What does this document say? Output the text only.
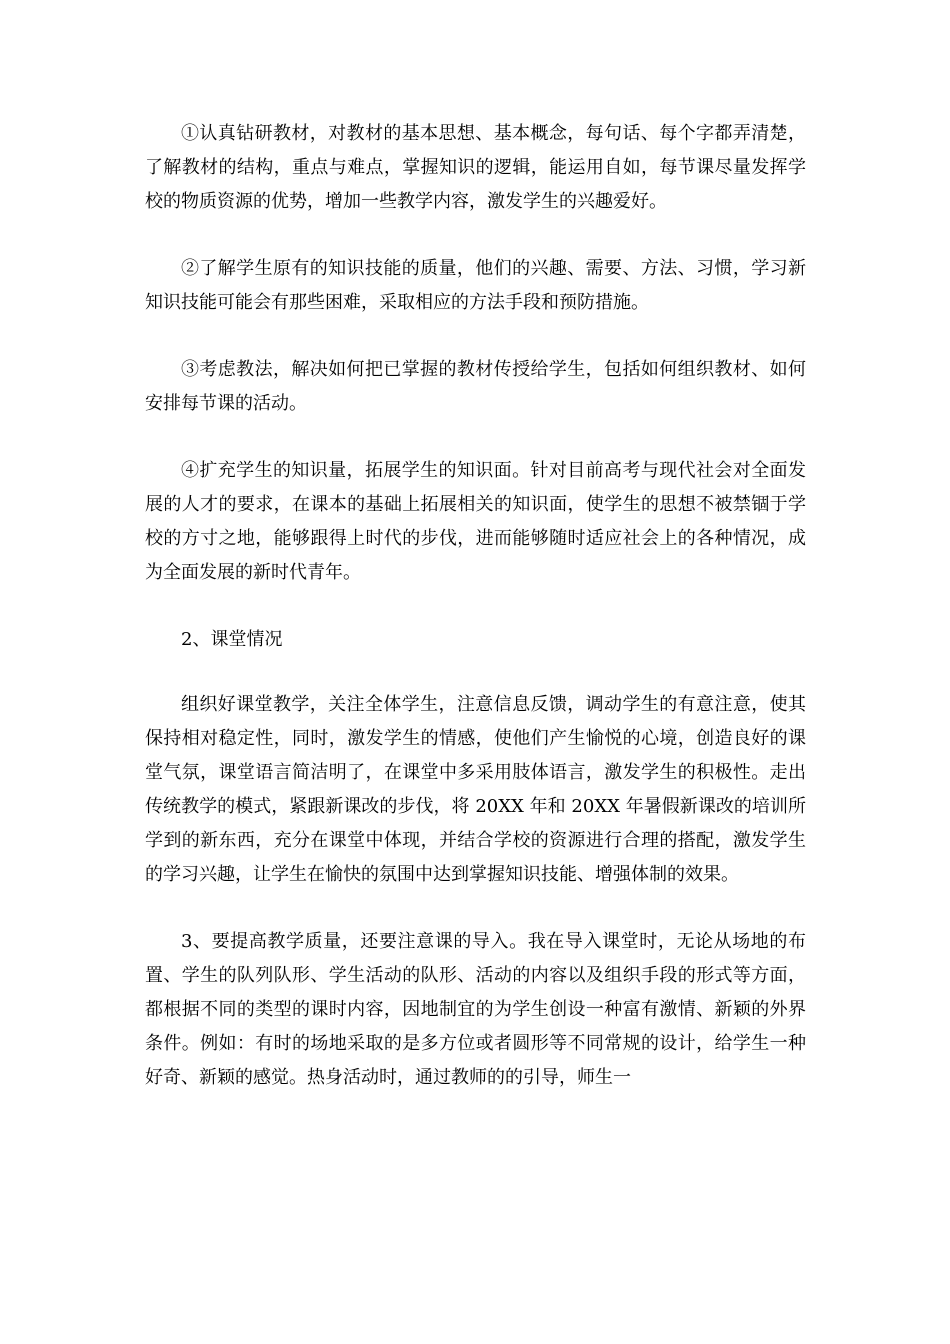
①认真钻研教材，对教材的基本思想、基本概念，每句话、每个字都弄清楚，了解教材的结构，重点与难点，掌握知识的逻辑，能运用自如，每节课尽量发挥学校的物质资源的优势，增加一些教学内容，激发学生的兴趣爱好。

②了解学生原有的知识技能的质量，他们的兴趣、需要、方法、习惯，学习新知识技能可能会有那些困难，采取相应的方法手段和预防措施。

③考虑教法，解决如何把已掌握的教材传授给学生，包括如何组织教材、如何安排每节课的活动。

④扩充学生的知识量，拓展学生的知识面。针对目前高考与现代社会对全面发展的人才的要求，在课本的基础上拓展相关的知识面，使学生的思想不被禁锢于学校的方寸之地，能够跟得上时代的步伐，进而能够随时适应社会上的各种情况，成为全面发展的新时代青年。

2、课堂情况

组织好课堂教学，关注全体学生，注意信息反馈，调动学生的有意注意，使其保持相对稳定性，同时，激发学生的情感，使他们产生愉悦的心境，创造良好的课堂气氛，课堂语言简洁明了，在课堂中多采用肢体语言，激发学生的积极性。走出传统教学的模式，紧跟新课改的步伐，将 20XX 年和 20XX 年暑假新课改的培训所学到的新东西，充分在课堂中体现，并结合学校的资源进行合理的搭配，激发学生的学习兴趣，让学生在愉快的氛围中达到掌握知识技能、增强体制的效果。

3、要提高教学质量，还要注意课的导入。我在导入课堂时，无论从场地的布置、学生的队列队形、学生活动的队形、活动的内容以及组织手段的形式等方面，都根据不同的类型的课时内容，因地制宜的为学生创设一种富有激情、新颖的外界条件。例如：有时的场地采取的是多方位或者圆形等不同常规的设计，给学生一种好奇、新颖的感觉。热身活动时，通过教师的的引导，师生一
